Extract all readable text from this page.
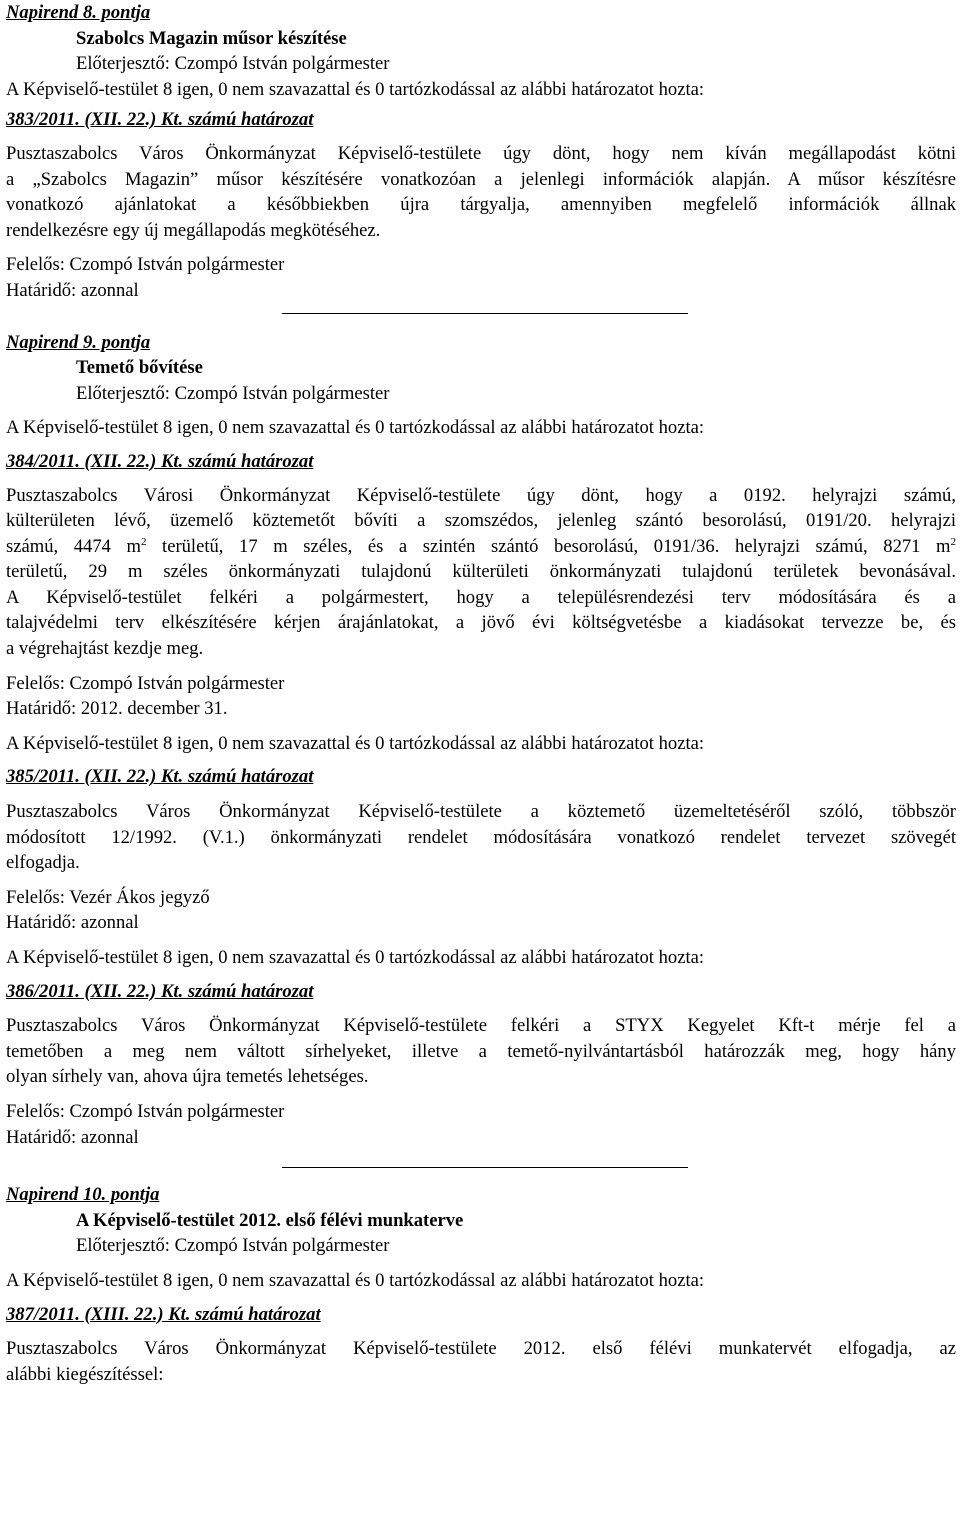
Napirend 8. pontja
Szabolcs Magazin műsor készítése
Előterjesztő: Czompó István polgármester
A Képviselő-testület 8 igen, 0 nem szavazattal és 0 tartózkodással az alábbi határozatot hozta:
383/2011. (XII. 22.) Kt. számú határozat
Pusztaszabolcs Város Önkormányzat Képviselő-testülete úgy dönt, hogy nem kíván megállapodást kötni
a „Szabolcs Magazin” műsor készítésére vonatkozóan a jelenlegi információk alapján. A műsor készítésre
vonatkozó ajánlatokat a későbbiekben újra tárgyalja, amennyiben megfelelő információk állnak
rendelkezésre egy új megállapodás megkötéséhez.
Felelős: Czompó István polgármester
Határidő: azonnal
Napirend 9. pontja
Temető bővítése
Előterjesztő: Czompó István polgármester
A Képviselő-testület 8 igen, 0 nem szavazattal és 0 tartózkodással az alábbi határozatot hozta:
384/2011. (XII. 22.) Kt. számú határozat
Pusztaszabolcs Városi Önkormányzat Képviselő-testülete úgy dönt, hogy a 0192. helyrajzi számú,
külterületen lévő, üzemelő köztemetőt bővíti a szomszédos, jelenleg szántó besorolású, 0191/20. helyrajzi
számú, 4474 $m^2$ területű, 17 m széles, és a szintén szántó besorolású, 0191/36. helyrajzi számú, 8271 $m^2$
területű, 29 m széles önkormányzati tulajdonú külterületi önkormányzati tulajdonú területek bevonásával.
A Képviselő-testület felkéri a polgármestert, hogy a településrendezési terv módosítására és a
talajvédelmi terv elkészítésére kérjen árajánlatokat, a jövő évi költségvetésbe a kiadásokat tervezze be, és
a végrehajtást kezdje meg.
Felelős: Czompó István polgármester
Határidő: 2012. december 31.
A Képviselő-testület 8 igen, 0 nem szavazattal és 0 tartózkodással az alábbi határozatot hozta:
385/2011. (XII. 22.) Kt. számú határozat
Pusztaszabolcs Város Önkormányzat Képviselő-testülete a köztemető üzemeltetéséről szóló, többször
módosított 12/1992. (V.1.) önkormányzati rendelet módosítására vonatkozó rendelet tervezet szövegét
elfogadja.
Felelős: Vezér Ákos jegyző
Határidő: azonnal
A Képviselő-testület 8 igen, 0 nem szavazattal és 0 tartózkodással az alábbi határozatot hozta:
386/2011. (XII. 22.) Kt. számú határozat
Pusztaszabolcs Város Önkormányzat Képviselő-testülete felkéri a STYX Kegyelet Kft-t mérje fel a
temetőben a meg nem váltott sírhelyeket, illetve a temető-nyilvántartásból határozzák meg, hogy hány
olyan sírhely van, ahova újra temetés lehetséges.
Felelős: Czompó István polgármester
Határidő: azonnal
Napirend 10. pontja
A Képviselő-testület 2012. első félévi munkaterve
Előterjesztő: Czompó István polgármester
A Képviselő-testület 8 igen, 0 nem szavazattal és 0 tartózkodással az alábbi határozatot hozta:
387/2011. (XIII. 22.) Kt. számú határozat
Pusztaszabolcs Város Önkormányzat Képviselő-testülete 2012. első félévi munkatervét elfogadja, az
alábbi kiegészítéssel:
